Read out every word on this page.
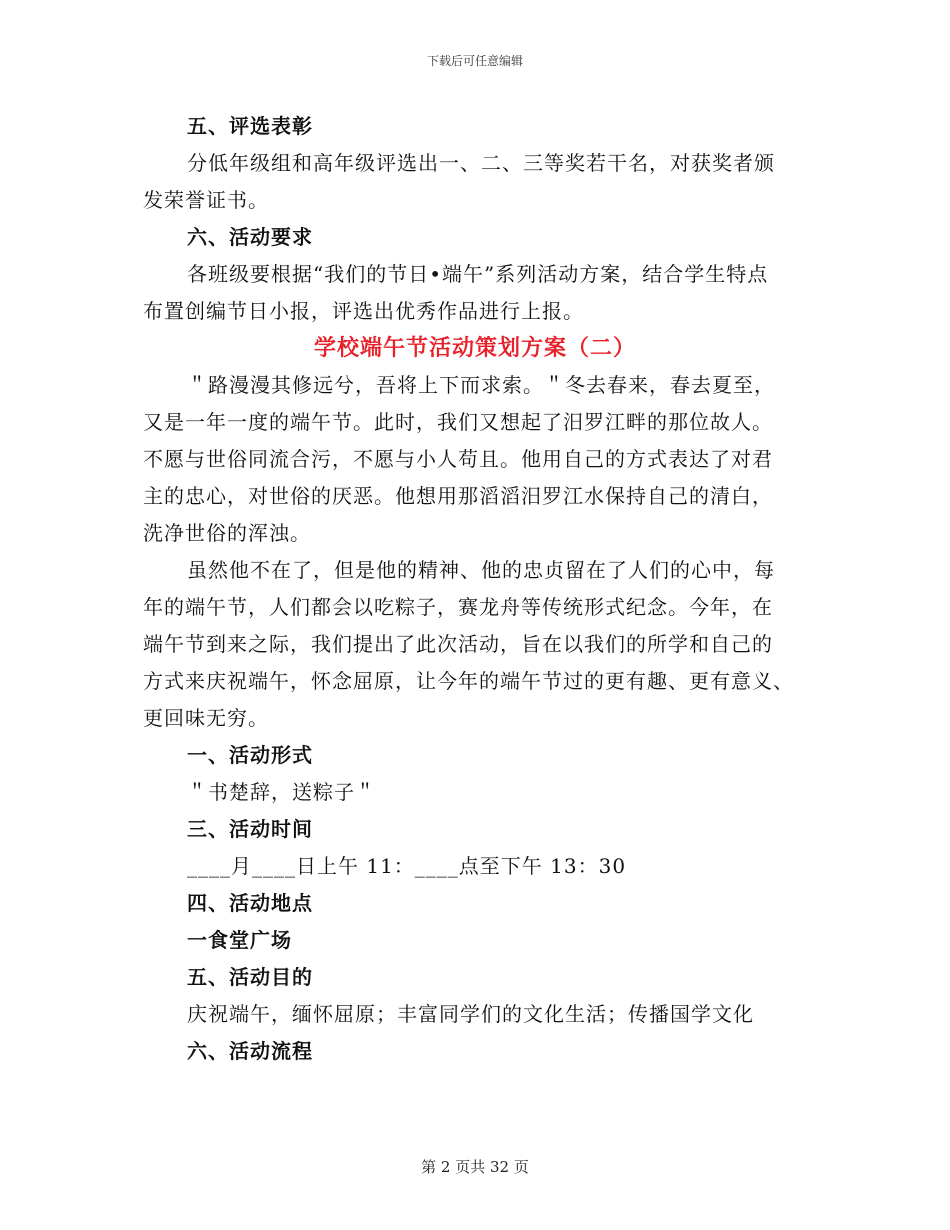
下载后可任意编辑
五、评选表彰
分低年级组和高年级评选出一、二、三等奖若干名，对获奖者颁
发荣誉证书。
六、活动要求
各班级要根据“我们的节日•端午”系列活动方案，结合学生特点
布置创编节日小报，评选出优秀作品进行上报。
学校端午节活动策划方案（二）
＂路漫漫其修远兮，吾将上下而求索。＂冬去春来，春去夏至，
又是一年一度的端午节。此时，我们又想起了汨罗江畔的那位故人。
不愿与世俗同流合污，不愿与小人苟且。他用自己的方式表达了对君
主的忠心，对世俗的厌恶。他想用那滔滔汨罗江水保持自己的清白，
洗净世俗的浑浊。
虽然他不在了，但是他的精神、他的忠贞留在了人们的心中，每
年的端午节，人们都会以吃粽子，赛龙舟等传统形式纪念。今年，在
端午节到来之际，我们提出了此次活动，旨在以我们的所学和自己的
方式来庆祝端午，怀念屈原，让今年的端午节过的更有趣、更有意义、
更回味无穷。
一、活动形式
＂书楚辞，送粽子＂
三、活动时间
____月____日上午 11：____点至下午 13：30
四、活动地点
一食堂广场
五、活动目的
庆祝端午，缅怀屈原；丰富同学们的文化生活；传播国学文化
六、活动流程
第 2 页共 32 页
